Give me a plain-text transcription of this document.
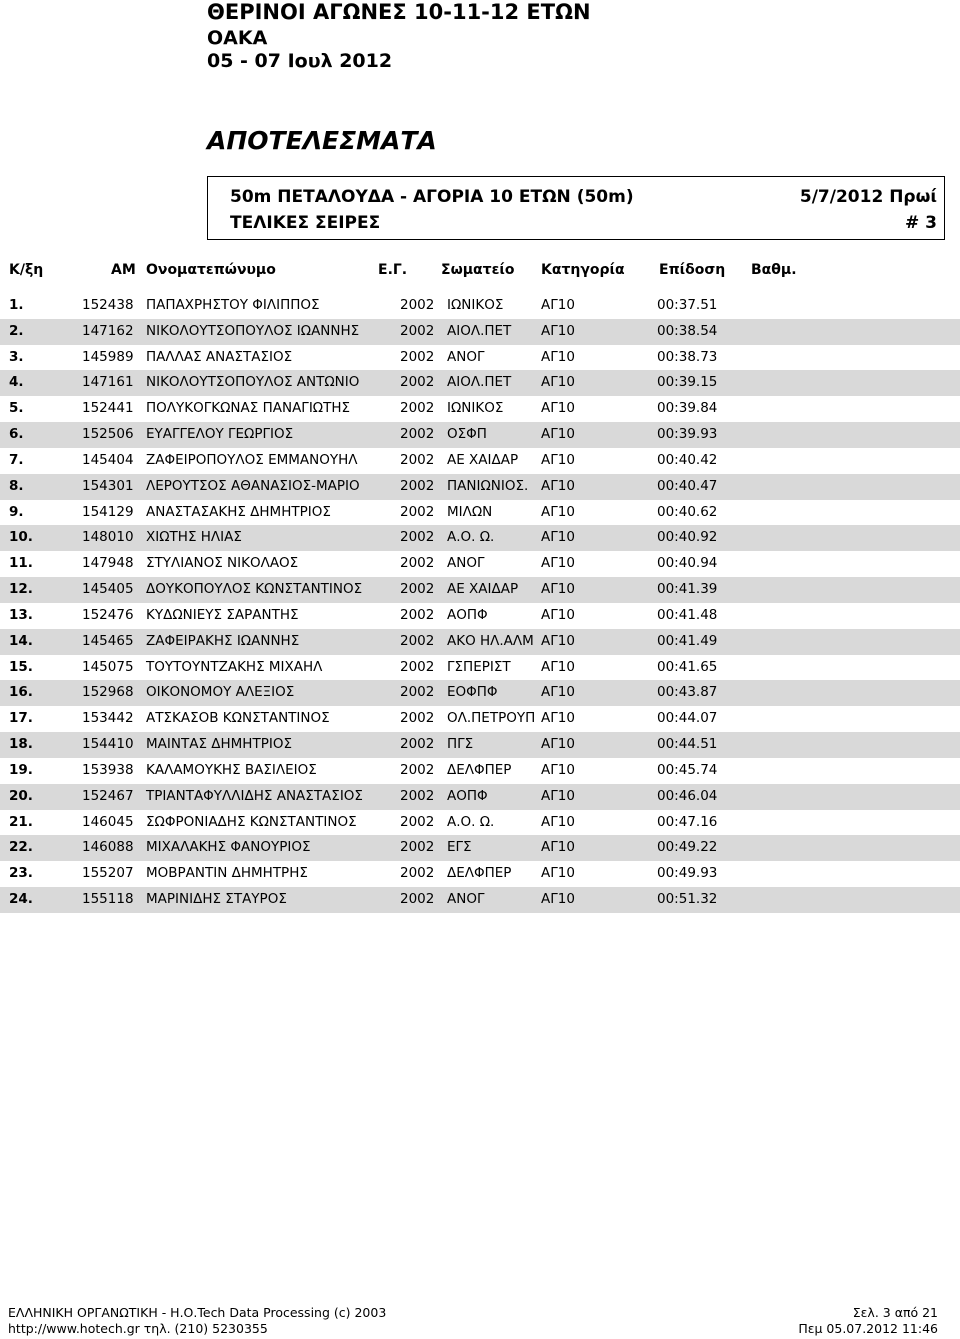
ΘΕΡΙΝΟΙ ΑΓΩΝΕΣ 10-11-12 ΕΤΩΝ
ΟΑΚΑ
05 - 07 Ιουλ 2012
ΑΠΟΤΕΛΕΣΜΑΤΑ
50m ΠΕΤΑΛΟΥΔΑ - ΑΓΟΡΙΑ 10 ΕΤΩΝ (50m)	5/7/2012 Πρωί
ΤΕΛΙΚΕΣ ΣΕΙΡΕΣ	# 3
Κ/ξη	ΑΜ Ονοματεπώνυμο	Ε.Γ. Σωματείο Κατηγορία Επίδοση Βαθμ.
1.	152438 ΠΑΠΑΧΡΗΣΤΟΥ ΦΙΛΙΠΠΟΣ	2002 ΙΩΝΙΚΟΣ	ΑΓ10	00:37.51
2.	147162 ΝΙΚΟΛΟΥΤΣΟΠΟΥΛΟΣ ΙΩΑΝΝΗΣ	2002 ΑΙΟΛ.ΠΕΤ ΑΓ10	00:38.54
3.	145989 ΠΑΛΛΑΣ ΑΝΑΣΤΑΣΙΟΣ	2002 ΑΝΟΓ	ΑΓ10	00:38.73
4.	147161 ΝΙΚΟΛΟΥΤΣΟΠΟΥΛΟΣ ΑΝΤΩΝΙΟ	2002 ΑΙΟΛ.ΠΕΤ ΑΓ10	00:39.15
5.	152441 ΠΟΛΥΚΟΓΚΩΝΑΣ ΠΑΝΑΓΙΩΤΗΣ	2002 ΙΩΝΙΚΟΣ	ΑΓ10	00:39.84
6.	152506 ΕΥΑΓΓΕΛΟΥ ΓΕΩΡΓΙΟΣ	2002 ΟΣΦΠ	ΑΓ10	00:39.93
7.	145404 ΖΑΦΕΙΡΟΠΟΥΛΟΣ ΕΜΜΑΝΟΥΗΛ	2002 ΑΕ ΧΑΙΔΑΡ ΑΓ10	00:40.42
8.	154301 ΛΕΡΟΥΤΣΟΣ ΑΘΑΝΑΣΙΟΣ-ΜΑΡΙΟ	2002 ΠΑΝΙΩΝΙΟΣ. ΑΓ10	00:40.47
9.	154129 ΑΝΑΣΤΑΣΑΚΗΣ ΔΗΜΗΤΡΙΟΣ	2002 ΜΙΛΩΝ	ΑΓ10	00:40.62
10.	148010 ΧΙΩΤΗΣ ΗΛΙΑΣ	2002 Α.Ο. Ω.	ΑΓ10	00:40.92
11.	147948 ΣΤΥΛΙΑΝΟΣ ΝΙΚΟΛΑΟΣ	2002 ΑΝΟΓ	ΑΓ10	00:40.94
12.	145405 ΔΟΥΚΟΠΟΥΛΟΣ ΚΩΝΣΤΑΝΤΙΝΟΣ	2002 ΑΕ ΧΑΙΔΑΡ ΑΓ10	00:41.39
13.	152476 ΚΥΔΩΝΙΕΥΣ ΣΑΡΑΝΤΗΣ	2002 ΑΟΠΦ	ΑΓ10	00:41.48
14.	145465 ΖΑΦΕΙΡΑΚΗΣ ΙΩΑΝΝΗΣ	2002 ΑΚΟ ΗΛ.ΑΛΜ ΑΓ10	00:41.49
15.	145075 ΤΟΥΤΟΥΝΤΖΑΚΗΣ ΜΙΧΑΗΛ	2002 ΓΣΠΕΡΙΣΤ ΑΓ10	00:41.65
16.	152968 ΟΙΚΟΝΟΜΟΥ ΑΛΕΞΙΟΣ	2002 ΕΟΦΠΦ	ΑΓ10	00:43.87
17.	153442 ΑΤΣΚΑΣΟΒ ΚΩΝΣΤΑΝΤΙΝΟΣ	2002 ΟΛ.ΠΕΤΡΟΥΠ ΑΓ10	00:44.07
18.	154410 ΜΑΙΝΤΑΣ ΔΗΜΗΤΡΙΟΣ	2002 ΠΓΣ	ΑΓ10	00:44.51
19.	153938 ΚΑΛΑΜΟΥΚΗΣ ΒΑΣΙΛΕΙΟΣ	2002 ΔΕΛΦΠΕΡ ΑΓ10	00:45.74
20.	152467 ΤΡΙΑΝΤΑΦΥΛΛΙΔΗΣ ΑΝΑΣΤΑΣΙΟΣ	2002 ΑΟΠΦ	ΑΓ10	00:46.04
21.	146045 ΣΩΦΡΟΝΙΑΔΗΣ ΚΩΝΣΤΑΝΤΙΝΟΣ	2002 Α.Ο. Ω.	ΑΓ10	00:47.16
22.	146088 ΜΙΧΑΛΑΚΗΣ ΦΑΝΟΥΡΙΟΣ	2002 ΕΓΣ	ΑΓ10	00:49.22
23.	155207 ΜΟΒΡΑΝΤΙΝ ΔΗΜΗΤΡΗΣ	2002 ΔΕΛΦΠΕΡ ΑΓ10	00:49.93
24.	155118 ΜΑΡΙΝΙΔΗΣ ΣΤΑΥΡΟΣ	2002 ΑΝΟΓ	ΑΓ10	00:51.32
ΕΛΛΗΝΙΚΗ ΟΡΓΑΝΩΤΙΚΗ - Η.Ο.Tech Data Processing (c) 2003
http://www.hotech.gr τηλ. (210) 5230355
Σελ. 3 από 21
Πεμ 05.07.2012 11:46
